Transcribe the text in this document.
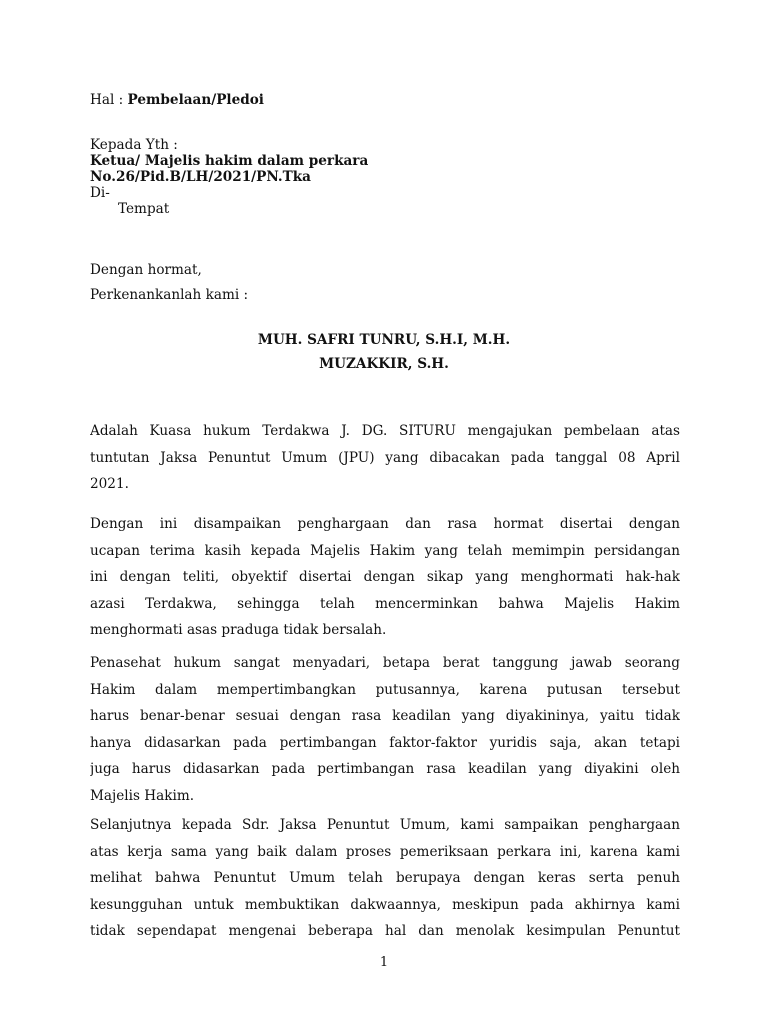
Hal : Pembelaan/Pledoi
Kepada Yth :
Ketua/ Majelis hakim dalam perkara
No.26/Pid.B/LH/2021/PN.Tka
Di-
Tempat
Dengan hormat,
Perkenankanlah kami :
MUH. SAFRI TUNRU, S.H.I, M.H.
MUZAKKIR, S.H.
Adalah Kuasa hukum Terdakwa J. DG. SITURU mengajukan pembelaan atas
tuntutan Jaksa Penuntut Umum (JPU) yang dibacakan pada tanggal 08 April
2021.
Dengan ini disampaikan penghargaan dan rasa hormat disertai dengan
ucapan terima kasih kepada Majelis Hakim yang telah memimpin persidangan
ini dengan teliti, obyektif disertai dengan sikap yang menghormati hak-hak
azasi Terdakwa, sehingga telah mencerminkan bahwa Majelis Hakim
menghormati asas praduga tidak bersalah.
Penasehat hukum sangat menyadari, betapa berat tanggung jawab seorang
Hakim dalam mempertimbangkan putusannya, karena putusan tersebut
harus benar-benar sesuai dengan rasa keadilan yang diyakininya, yaitu tidak
hanya didasarkan pada pertimbangan faktor-faktor yuridis saja, akan tetapi
juga harus didasarkan pada pertimbangan rasa keadilan yang diyakini oleh
Majelis Hakim.
Selanjutnya kepada Sdr. Jaksa Penuntut Umum, kami sampaikan penghargaan
atas kerja sama yang baik dalam proses pemeriksaan perkara ini, karena kami
melihat bahwa Penuntut Umum telah berupaya dengan keras serta penuh
kesungguhan untuk membuktikan dakwaannya, meskipun pada akhirnya kami
tidak sependapat mengenai beberapa hal dan menolak kesimpulan Penuntut
1
